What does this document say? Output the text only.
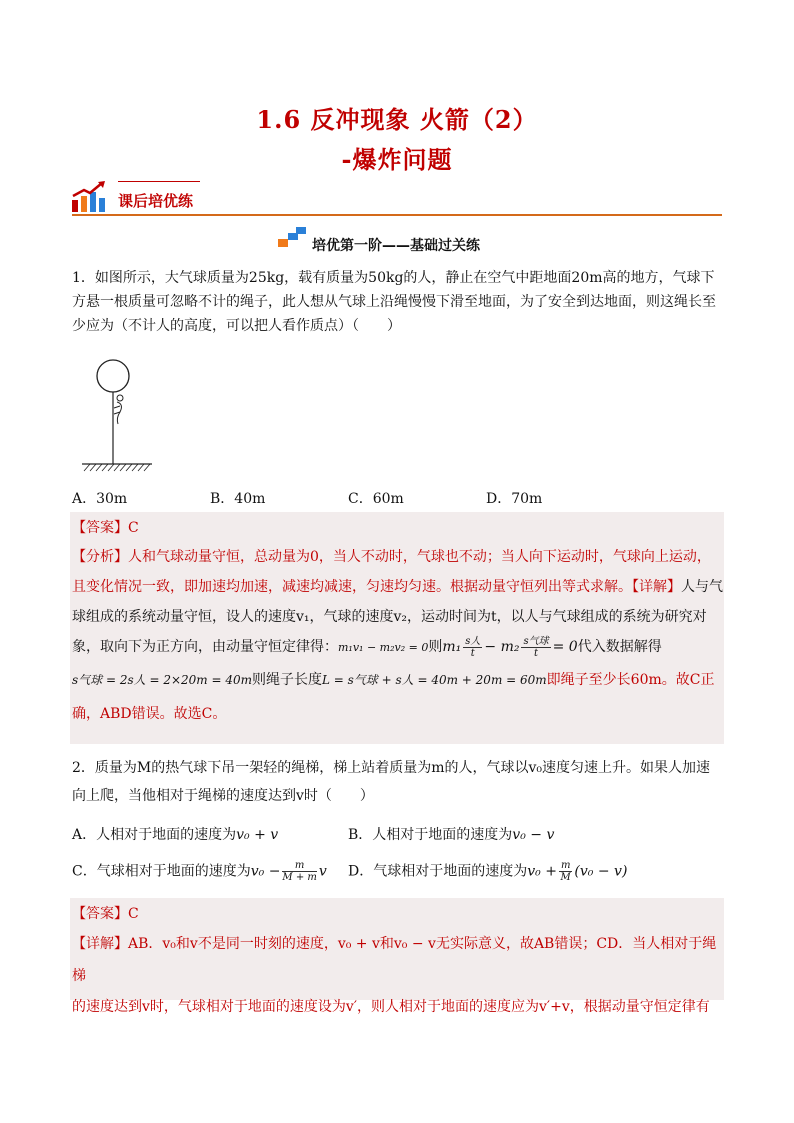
1.6 反冲现象 火箭（2）
-爆炸问题
课后培优练
培优第一阶——基础过关练
1．如图所示，大气球质量为25kg，载有质量为50kg的人，静止在空气中距地面20m高的地方，气球下方悬一根质量可忽略不计的绳子，此人想从气球上沿绳慢慢下滑至地面，为了安全到达地面，则这绳长至少应为（不计人的高度，可以把人看作质点）（　　）
A．30m	B．40m	C．60m	D．70m

【答案】C

【分析】人和气球动量守恒，总动量为0，当人不动时，气球也不动；当人向下运动时，气球向上运动，且变化情况一致，即加速均加速，减速均减速，匀速均匀速。根据动量守恒列出等式求解。【详解】人与气球组成的系统动量守恒，设人的速度v₁，气球的速度v₂，运动时间为t，以人与气球组成的系统为研究对象，取向下为正方向，由动量守恒定律得：m₁v₁ − m₂v₂ = 0则$m_1 \frac{\text{s人}}{t} - m_2 \frac{\text{s气球}}{t} = 0$代入数据解得

s气球 = 2s人 = 2×20m = 40m则绳子长度L = s气球 + s人 = 40m + 20m = 60m即绳子至少长60m。故C正确，ABD错误。故选C。

2．质量为M的热气球下吊一架轻的绳梯，梯上站着质量为m的人，气球以v₀速度匀速上升。如果人加速向上爬，当他相对于绳梯的速度达到v时（　　）
A．人相对于地面的速度为v₀ + v	B．人相对于地面的速度为v₀ − v
C．气球相对于地面的速度为$v_0 - \frac{m}{M + m}$ v D．气球相对于地面的速度为$v_0 + \frac{m}{M} (v_0 - v)$

【答案】C

【详解】AB．v₀和v不是同一时刻的速度，v₀ + v和v₀ − v无实际意义，故AB错误；CD．当人相对于绳梯

的速度达到v时，气球相对于地面的速度设为v′，则人相对于地面的速度应为v′+v，根据动量守恒定律有
